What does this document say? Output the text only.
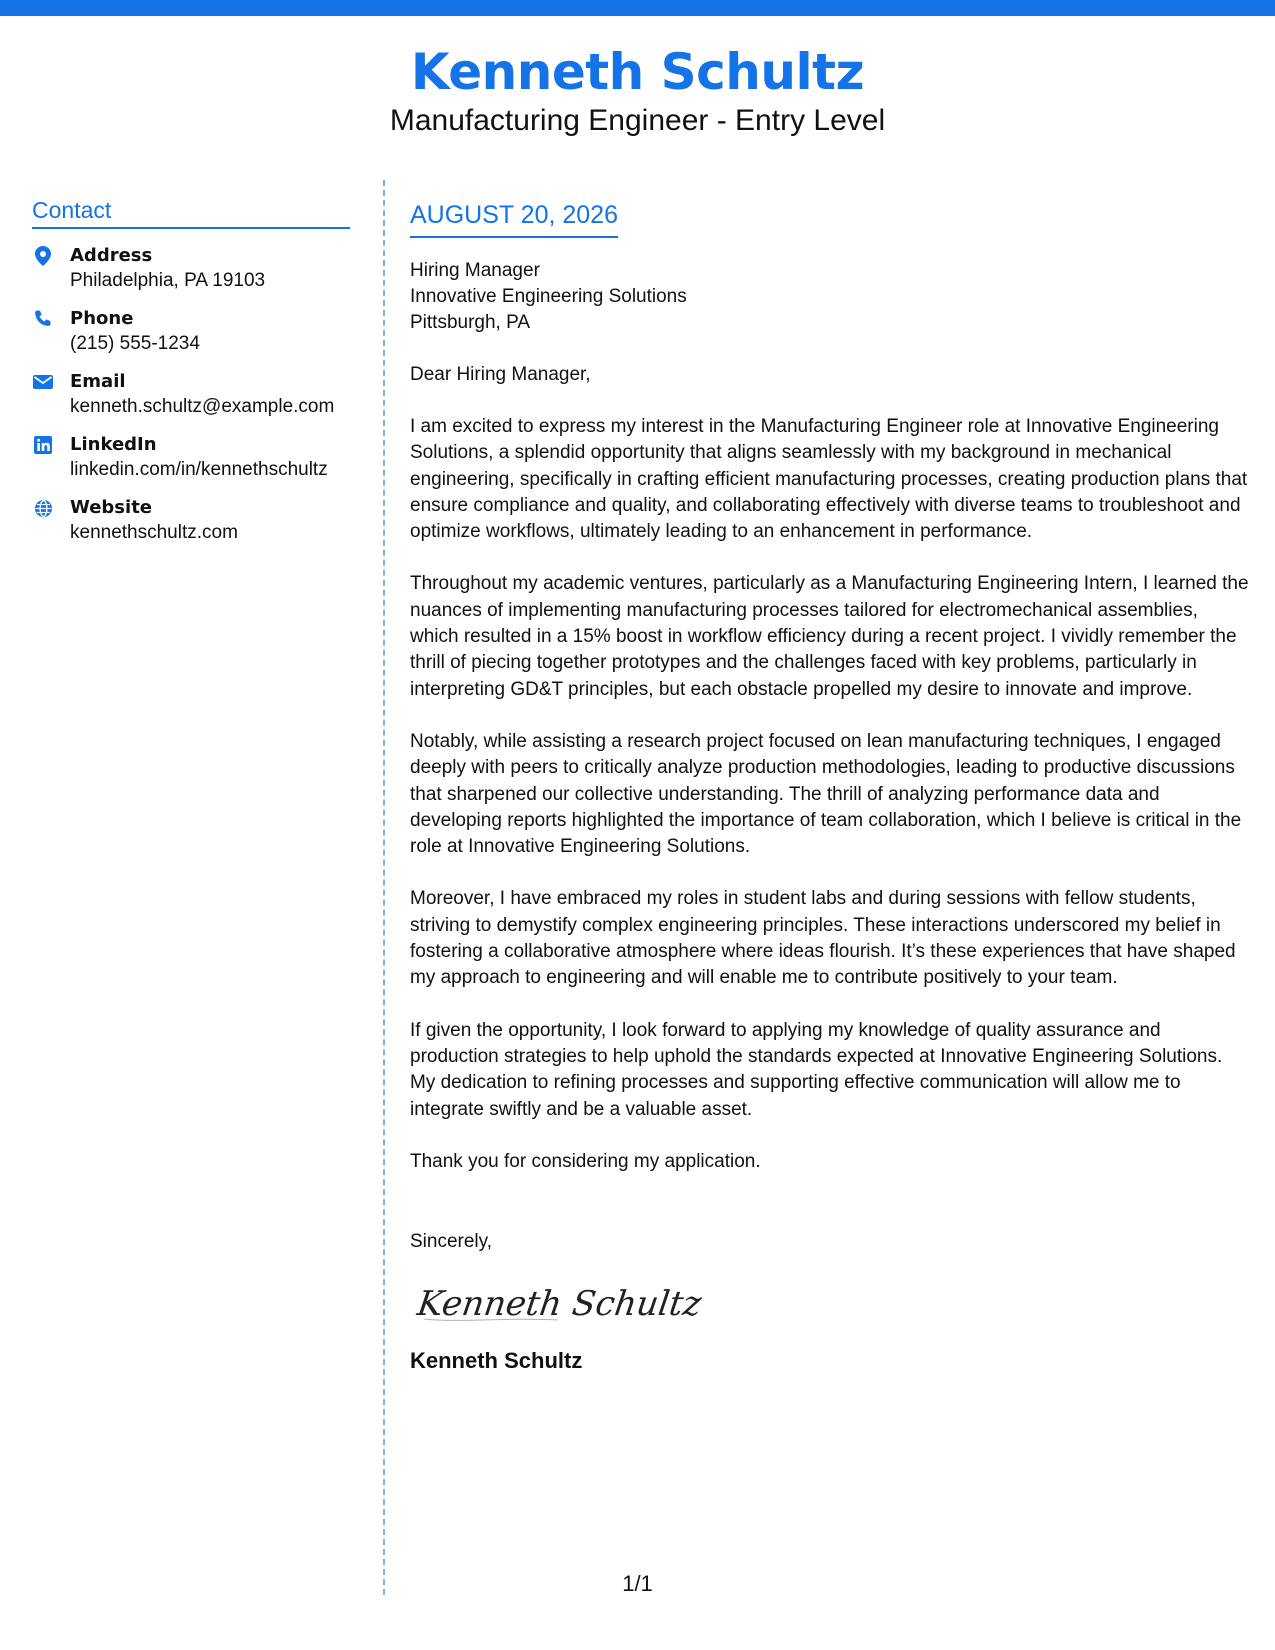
Kenneth Schultz
Manufacturing Engineer - Entry Level
Contact
Address
Philadelphia, PA 19103
Phone
(215) 555-1234
Email
kenneth.schultz@example.com
LinkedIn
linkedin.com/in/kennethschultz
Website
kennethschultz.com
AUGUST 20, 2026
Hiring Manager
Innovative Engineering Solutions
Pittsburgh, PA
Dear Hiring Manager,
I am excited to express my interest in the Manufacturing Engineer role at Innovative Engineering Solutions, a splendid opportunity that aligns seamlessly with my background in mechanical engineering, specifically in crafting efficient manufacturing processes, creating production plans that ensure compliance and quality, and collaborating effectively with diverse teams to troubleshoot and optimize workflows, ultimately leading to an enhancement in performance.
Throughout my academic ventures, particularly as a Manufacturing Engineering Intern, I learned the nuances of implementing manufacturing processes tailored for electromechanical assemblies, which resulted in a 15% boost in workflow efficiency during a recent project. I vividly remember the thrill of piecing together prototypes and the challenges faced with key problems, particularly in interpreting GD&T principles, but each obstacle propelled my desire to innovate and improve.
Notably, while assisting a research project focused on lean manufacturing techniques, I engaged deeply with peers to critically analyze production methodologies, leading to productive discussions that sharpened our collective understanding. The thrill of analyzing performance data and developing reports highlighted the importance of team collaboration, which I believe is critical in the role at Innovative Engineering Solutions.
Moreover, I have embraced my roles in student labs and during sessions with fellow students, striving to demystify complex engineering principles. These interactions underscored my belief in fostering a collaborative atmosphere where ideas flourish. It’s these experiences that have shaped my approach to engineering and will enable me to contribute positively to your team.
If given the opportunity, I look forward to applying my knowledge of quality assurance and production strategies to help uphold the standards expected at Innovative Engineering Solutions. My dedication to refining processes and supporting effective communication will allow me to integrate swiftly and be a valuable asset.
Thank you for considering my application.
Sincerely,
Kenneth Schultz
Kenneth Schultz
1/1
